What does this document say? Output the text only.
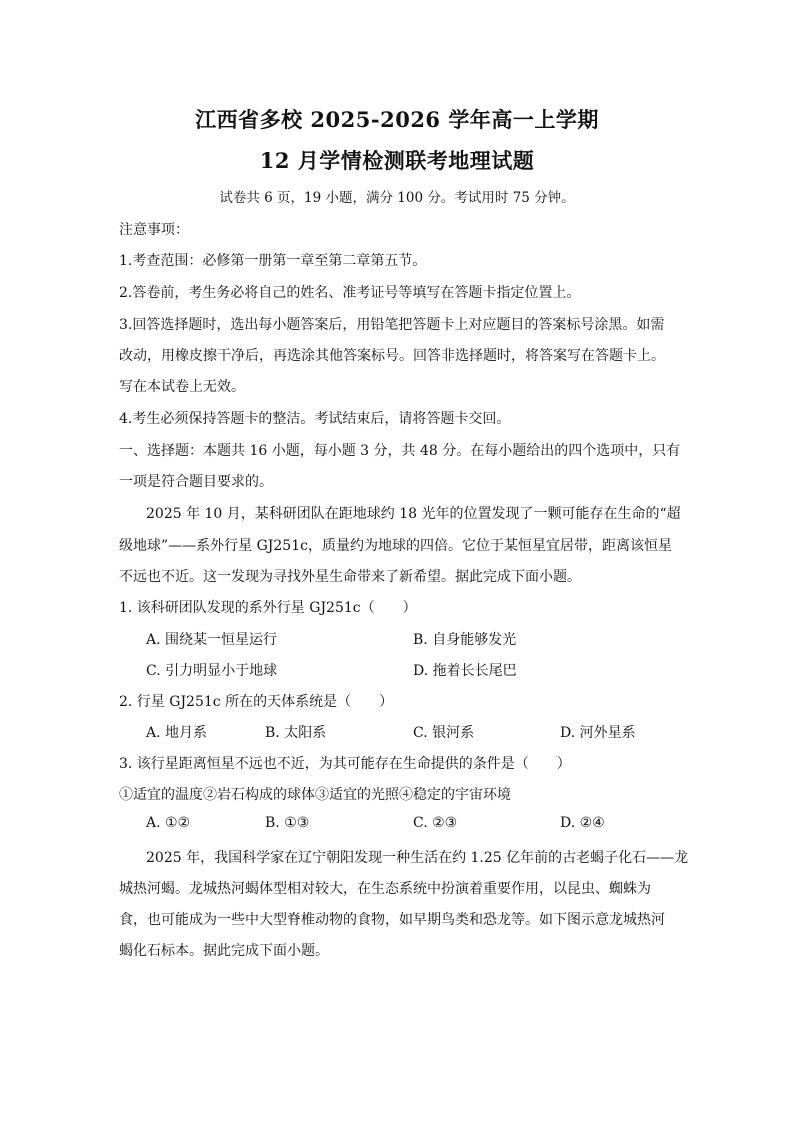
江西省多校 2025-2026 学年高一上学期
12 月学情检测联考地理试题
试卷共 6 页，19 小题，满分 100 分。考试用时 75 分钟。
注意事项：
1.考查范围：必修第一册第一章至第二章第五节。
2.答卷前，考生务必将自己的姓名、准考证号等填写在答题卡指定位置上。
3.回答选择题时，选出每小题答案后，用铅笔把答题卡上对应题目的答案标号涂黑。如需
改动，用橡皮擦干净后，再选涂其他答案标号。回答非选择题时，将答案写在答题卡上。
写在本试卷上无效。
4.考生必须保持答题卡的整洁。考试结束后，请将答题卡交回。
一、选择题：本题共 16 小题，每小题 3 分，共 48 分。在每小题给出的四个选项中，只有
一项是符合题目要求的。
2025 年 10 月，某科研团队在距地球约 18 光年的位置发现了一颗可能存在生命的“超
级地球”——系外行星 GJ251c，质量约为地球的四倍。它位于某恒星宜居带，距离该恒星
不远也不近。这一发现为寻找外星生命带来了新希望。据此完成下面小题。
1. 该科研团队发现的系外行星 GJ251c（　　）
A. 围绕某一恒星运行	B. 自身能够发光
C. 引力明显小于地球	D. 拖着长长尾巴
2. 行星 GJ251c 所在的天体系统是（　　）
A. 地月系	B. 太阳系	C. 银河系	D. 河外星系
3. 该行星距离恒星不远也不近，为其可能存在生命提供的条件是（　　）
①适宜的温度②岩石构成的球体③适宜的光照④稳定的宇宙环境
A. ①②	B. ①③	C. ②③	D. ②④
2025 年，我国科学家在辽宁朝阳发现一种生活在约 1.25 亿年前的古老蝎子化石——龙
城热河蝎。龙城热河蝎体型相对较大，在生态系统中扮演着重要作用，以昆虫、蜘蛛为
食，也可能成为一些中大型脊椎动物的食物，如早期鸟类和恐龙等。如下图示意龙城热河
蝎化石标本。据此完成下面小题。
